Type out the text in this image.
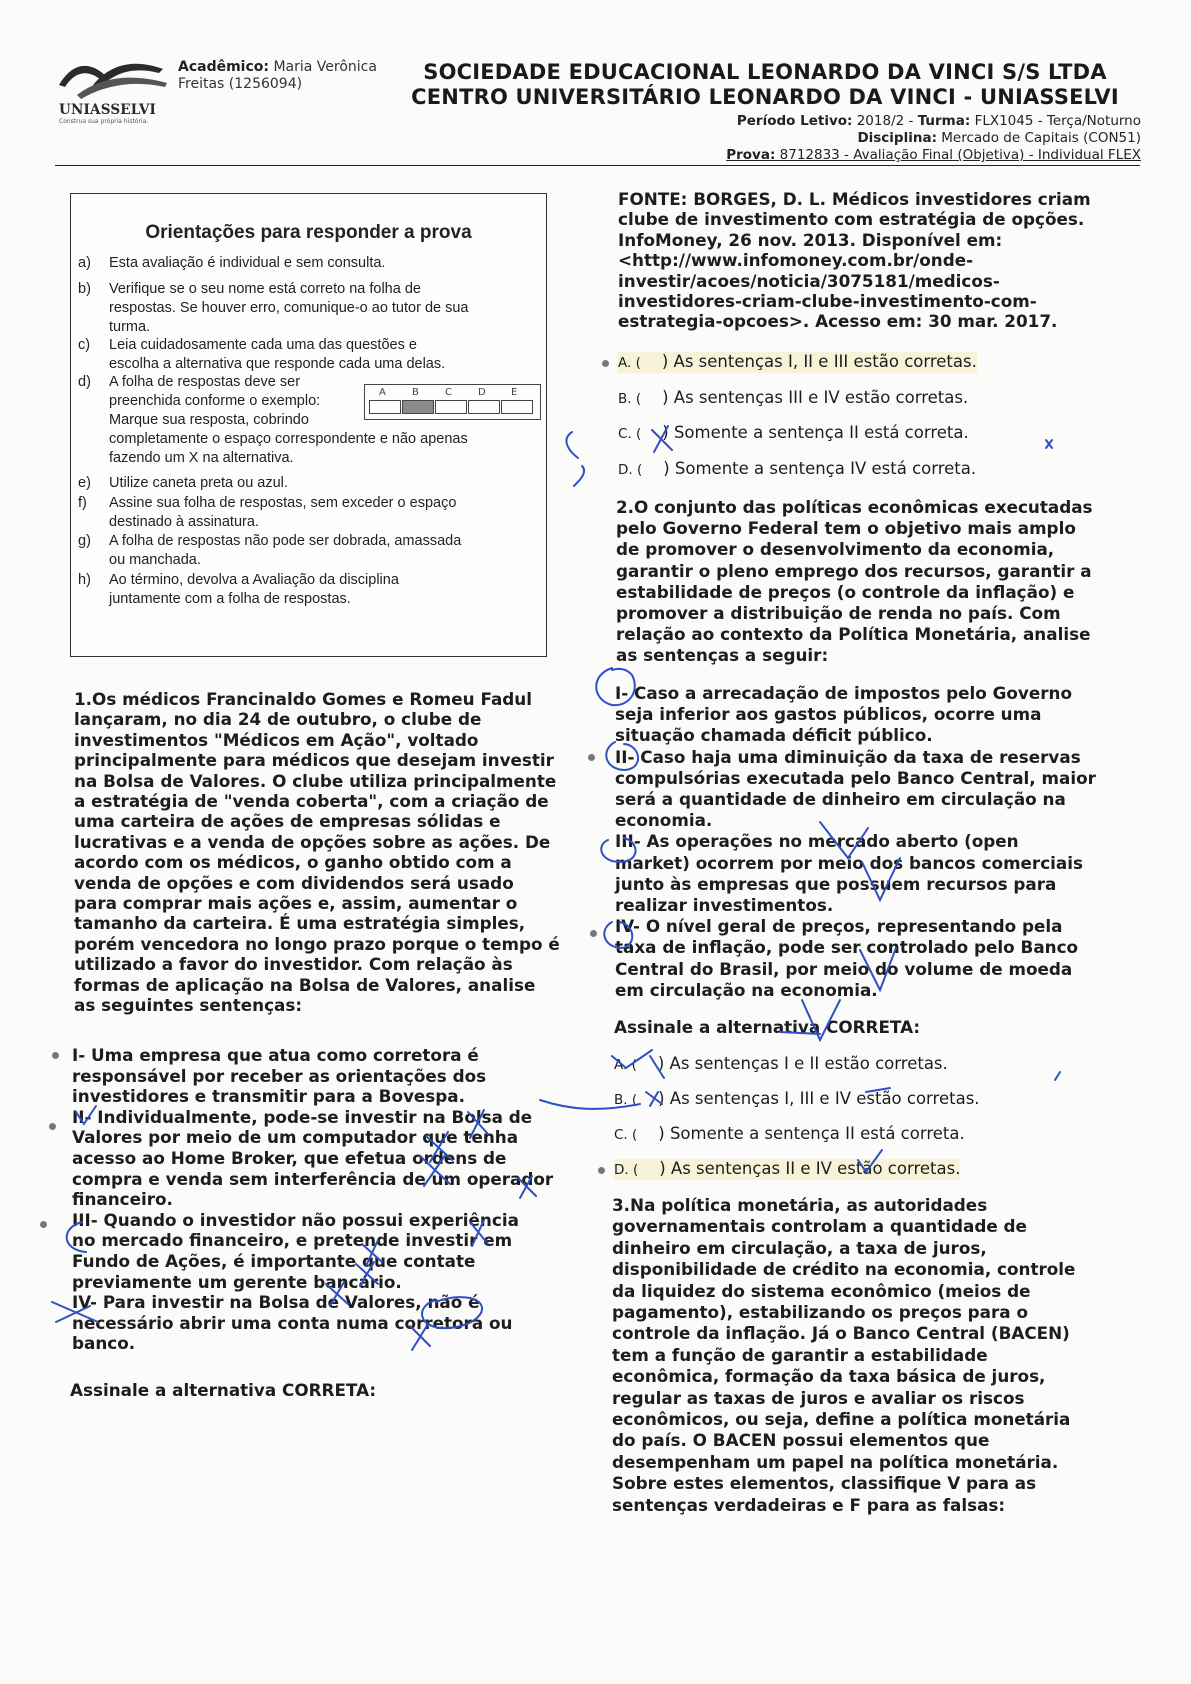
UNIASSELVI
Construa sua própria história.
Acadêmico: Maria Verônica Freitas (1256094)	SOCIEDADE EDUCACIONAL LEONARDO DA VINCI S/S LTDA
CENTRO UNIVERSITÁRIO LEONARDO DA VINCI - UNIASSELVI
Período Letivo: 2018/2 - Turma: FLX1045 - Terça/Noturno
Disciplina: Mercado de Capitais (CON51)
Prova: 8712833 - Avaliação Final (Objetiva) - Individual FLEX
Orientações para responder a prova
a) Esta avaliação é individual e sem consulta.
b) Verifique se o seu nome está correto na folha de
respostas. Se houver erro, comunique-o ao tutor de sua
turma.
c) Leia cuidadosamente cada uma das questões e
escolha a alternativa que responde cada uma delas.
d) A folha de respostas deve ser
preenchida conforme o exemplo:
Marque sua resposta, cobrindo
completamente o espaço correspondente e não apenas
fazendo um X na alternativa.
e) Utilize caneta preta ou azul.
f) Assine sua folha de respostas, sem exceder o espaço
destinado à assinatura.
g) A folha de respostas não pode ser dobrada, amassada
ou manchada.
h) Ao término, devolva a Avaliação da disciplina
juntamente com a folha de respostas.
A	B	C	D	E
1.Os médicos Francinaldo Gomes e Romeu Fadul
lançaram, no dia 24 de outubro, o clube de
investimentos "Médicos em Ação", voltado
principalmente para médicos que desejam investir
na Bolsa de Valores. O clube utiliza principalmente
a estratégia de "venda coberta", com a criação de
uma carteira de ações de empresas sólidas e
lucrativas e a venda de opções sobre as ações. De
acordo com os médicos, o ganho obtido com a
venda de opções e com dividendos será usado
para comprar mais ações e, assim, aumentar o
tamanho da carteira. É uma estratégia simples,
porém vencedora no longo prazo porque o tempo é
utilizado a favor do investidor. Com relação às
formas de aplicação na Bolsa de Valores, analise
as seguintes sentenças:
I- Uma empresa que atua como corretora é
responsável por receber as orientações dos
investidores e transmitir para a Bovespa.
II- Individualmente, pode-se investir na Bolsa de
Valores por meio de um computador que tenha
acesso ao Home Broker, que efetua ordens de
compra e venda sem interferência de um operador
financeiro.
III- Quando o investidor não possui experiência
no mercado financeiro, e pretende investir em
Fundo de Ações, é importante que contate
previamente um gerente bancário.
IV- Para investir na Bolsa de Valores, não é
necessário abrir uma conta numa corretora ou
banco.
Assinale a alternativa CORRETA:
FONTE: BORGES, D. L. Médicos investidores criam
clube de investimento com estratégia de opções.
InfoMoney, 26 nov. 2013. Disponível em:
<http://www.infomoney.com.br/onde-
investir/acoes/noticia/3075181/medicos-
investidores-criam-clube-investimento-com-
estrategia-opcoes>. Acesso em: 30 mar. 2017.
A. ( ) As sentenças I, II e III estão corretas.
B. ( ) As sentenças III e IV estão corretas.
C. ( ) Somente a sentença II está correta.
D. ( ) Somente a sentença IV está correta.
2.O conjunto das políticas econômicas executadas
pelo Governo Federal tem o objetivo mais amplo
de promover o desenvolvimento da economia,
garantir o pleno emprego dos recursos, garantir a
estabilidade de preços (o controle da inflação) e
promover a distribuição de renda no país. Com
relação ao contexto da Política Monetária, analise
as sentenças a seguir:
I- Caso a arrecadação de impostos pelo Governo
seja inferior aos gastos públicos, ocorre uma
situação chamada déficit público.
II- Caso haja uma diminuição da taxa de reservas
compulsórias executada pelo Banco Central, maior
será a quantidade de dinheiro em circulação na
economia.
III- As operações no mercado aberto (open
market) ocorrem por meio dos bancos comerciais
junto às empresas que possuem recursos para
realizar investimentos.
IV- O nível geral de preços, representando pela
taxa de inflação, pode ser controlado pelo Banco
Central do Brasil, por meio do volume de moeda
em circulação na economia.
Assinale a alternativa CORRETA:
A. ( ) As sentenças I e II estão corretas.
B. ( ) As sentenças I, III e IV estão corretas.
C. ( ) Somente a sentença II está correta.
D. ( ) As sentenças II e IV estão corretas.
3.Na política monetária, as autoridades
governamentais controlam a quantidade de
dinheiro em circulação, a taxa de juros,
disponibilidade de crédito na economia, controle
da liquidez do sistema econômico (meios de
pagamento), estabilizando os preços para o
controle da inflação. Já o Banco Central (BACEN)
tem a função de garantir a estabilidade
econômica, formação da taxa básica de juros,
regular as taxas de juros e avaliar os riscos
econômicos, ou seja, define a política monetária
do país. O BACEN possui elementos que
desempenham um papel na política monetária.
Sobre estes elementos, classifique V para as
sentenças verdadeiras e F para as falsas:
